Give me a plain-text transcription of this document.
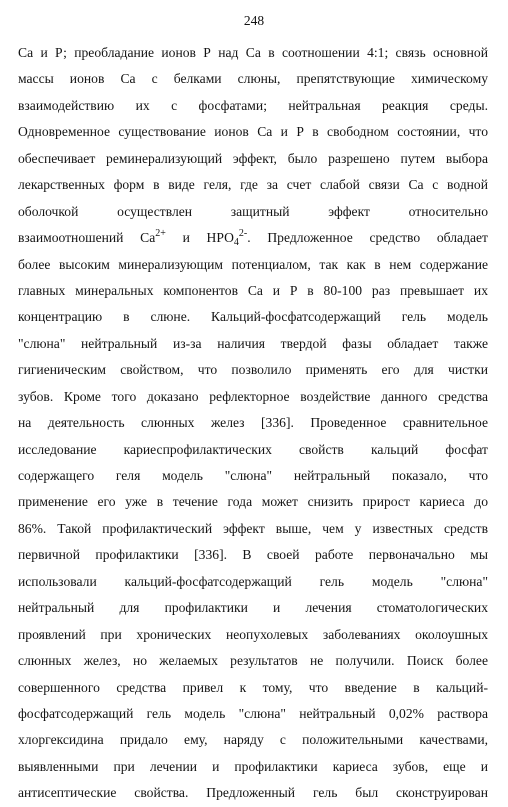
248
Са и Р; преобладание ионов Р над Са в соотношении 4:1; связь основной
массы ионов Са с белками слюны, препятствующие химическому
взаимодействию их с фосфатами; нейтральная реакция среды.
Одновременное существование ионов Са и Р в свободном состоянии, что
обеспечивает реминерализующий эффект, было разрешено путем выбора
лекарственных форм в виде геля, где за счет слабой связи Са с водной
оболочкой осуществлен защитный эффект относительно
взаимоотношений $Са^{2+}$ и $НРО_4^{2-}$. Предложенное средство обладает
более высоким минерализующим потенциалом, так как в нем содержание
главных минеральных компонентов Са и Р в 80-100 раз превышает их
концентрацию в слюне. Кальций-фосфатсодержащий гель модель
"слюна" нейтральный из-за наличия твердой фазы обладает также
гигиеническим свойством, что позволило применять его для чистки
зубов. Кроме того доказано рефлекторное воздействие данного средства
на деятельность слюнных желез [336]. Проведенное сравнительное
исследование кариеспрофилактических свойств кальций фосфат
содержащего геля модель "слюна" нейтральный показало, что
применение его уже в течение года может снизить прирост кариеса до
86%. Такой профилактический эффект выше, чем у известных средств
первичной профилактики [336]. В своей работе первоначально мы
использовали кальций-фосфатсодержащий гель модель "слюна"
нейтральный для профилактики и лечения стоматологических
проявлений при хронических неопухолевых заболеваниях околоушных
слюнных желез, но желаемых результатов не получили. Поиск более
совершенного средства привел к тому, что введение в кальций-
фосфатсодержащий гель модель "слюна" нейтральный 0,02% раствора
хлоргексидина придало ему, наряду с положительными качествами,
выявленными при лечении и профилактики кариеса зубов, еще и
антисептические свойства. Предложенный гель был сконструирован
